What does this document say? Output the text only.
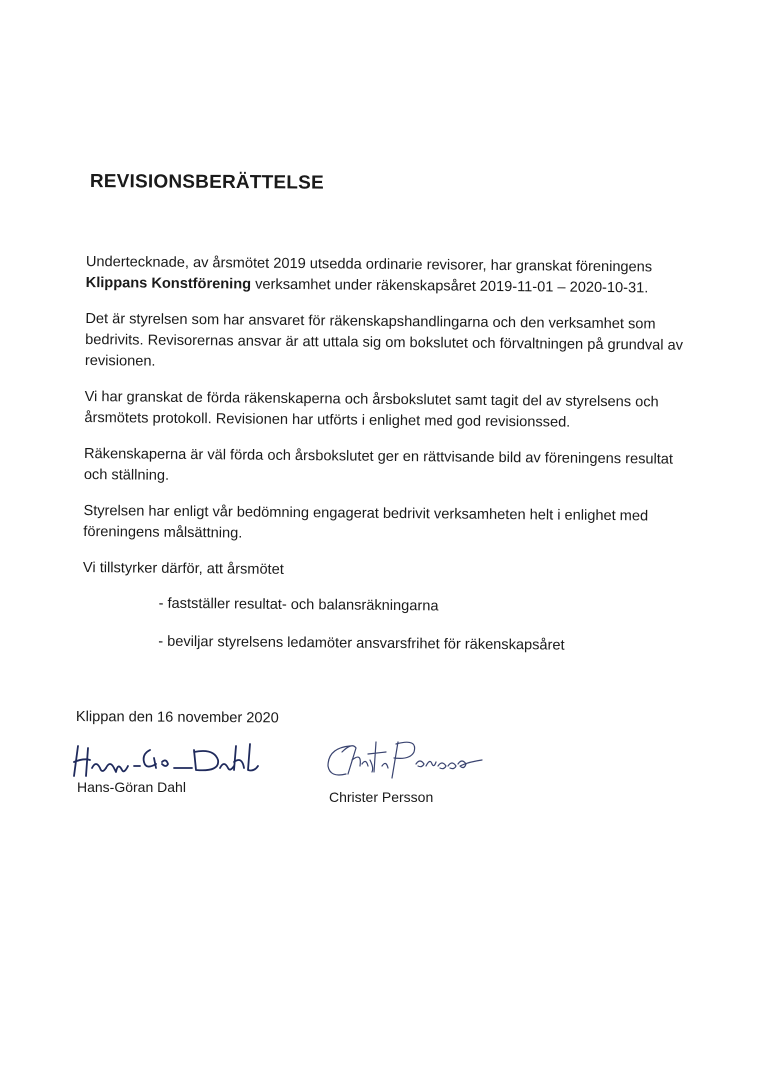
REVISIONSBERÄTTELSE

Undertecknade, av årsmötet 2019 utsedda ordinarie revisorer, har granskat föreningens Klippans Konstförening verksamhet under räkenskapsåret 2019-11-01 – 2020-10-31.

Det är styrelsen som har ansvaret för räkenskapshandlingarna och den verksamhet som bedrivits. Revisorernas ansvar är att uttala sig om bokslutet och förvaltningen på grundval av revisionen.

Vi har granskat de förda räkenskaperna och årsbokslutet samt tagit del av styrelsens och årsmötets protokoll. Revisionen har utförts i enlighet med god revisionssed.

Räkenskaperna är väl förda och årsbokslutet ger en rättvisande bild av föreningens resultat och ställning.

Styrelsen har enligt vår bedömning engagerat bedrivit verksamheten helt i enlighet med föreningens målsättning.

Vi tillstyrker därför, att årsmötet

- fastställer resultat- och balansräkningarna

- beviljar styrelsens ledamöter ansvarsfrihet för räkenskapsåret

Klippan den 16 november 2020
Hans-Göran Dahl
Christer Persson
